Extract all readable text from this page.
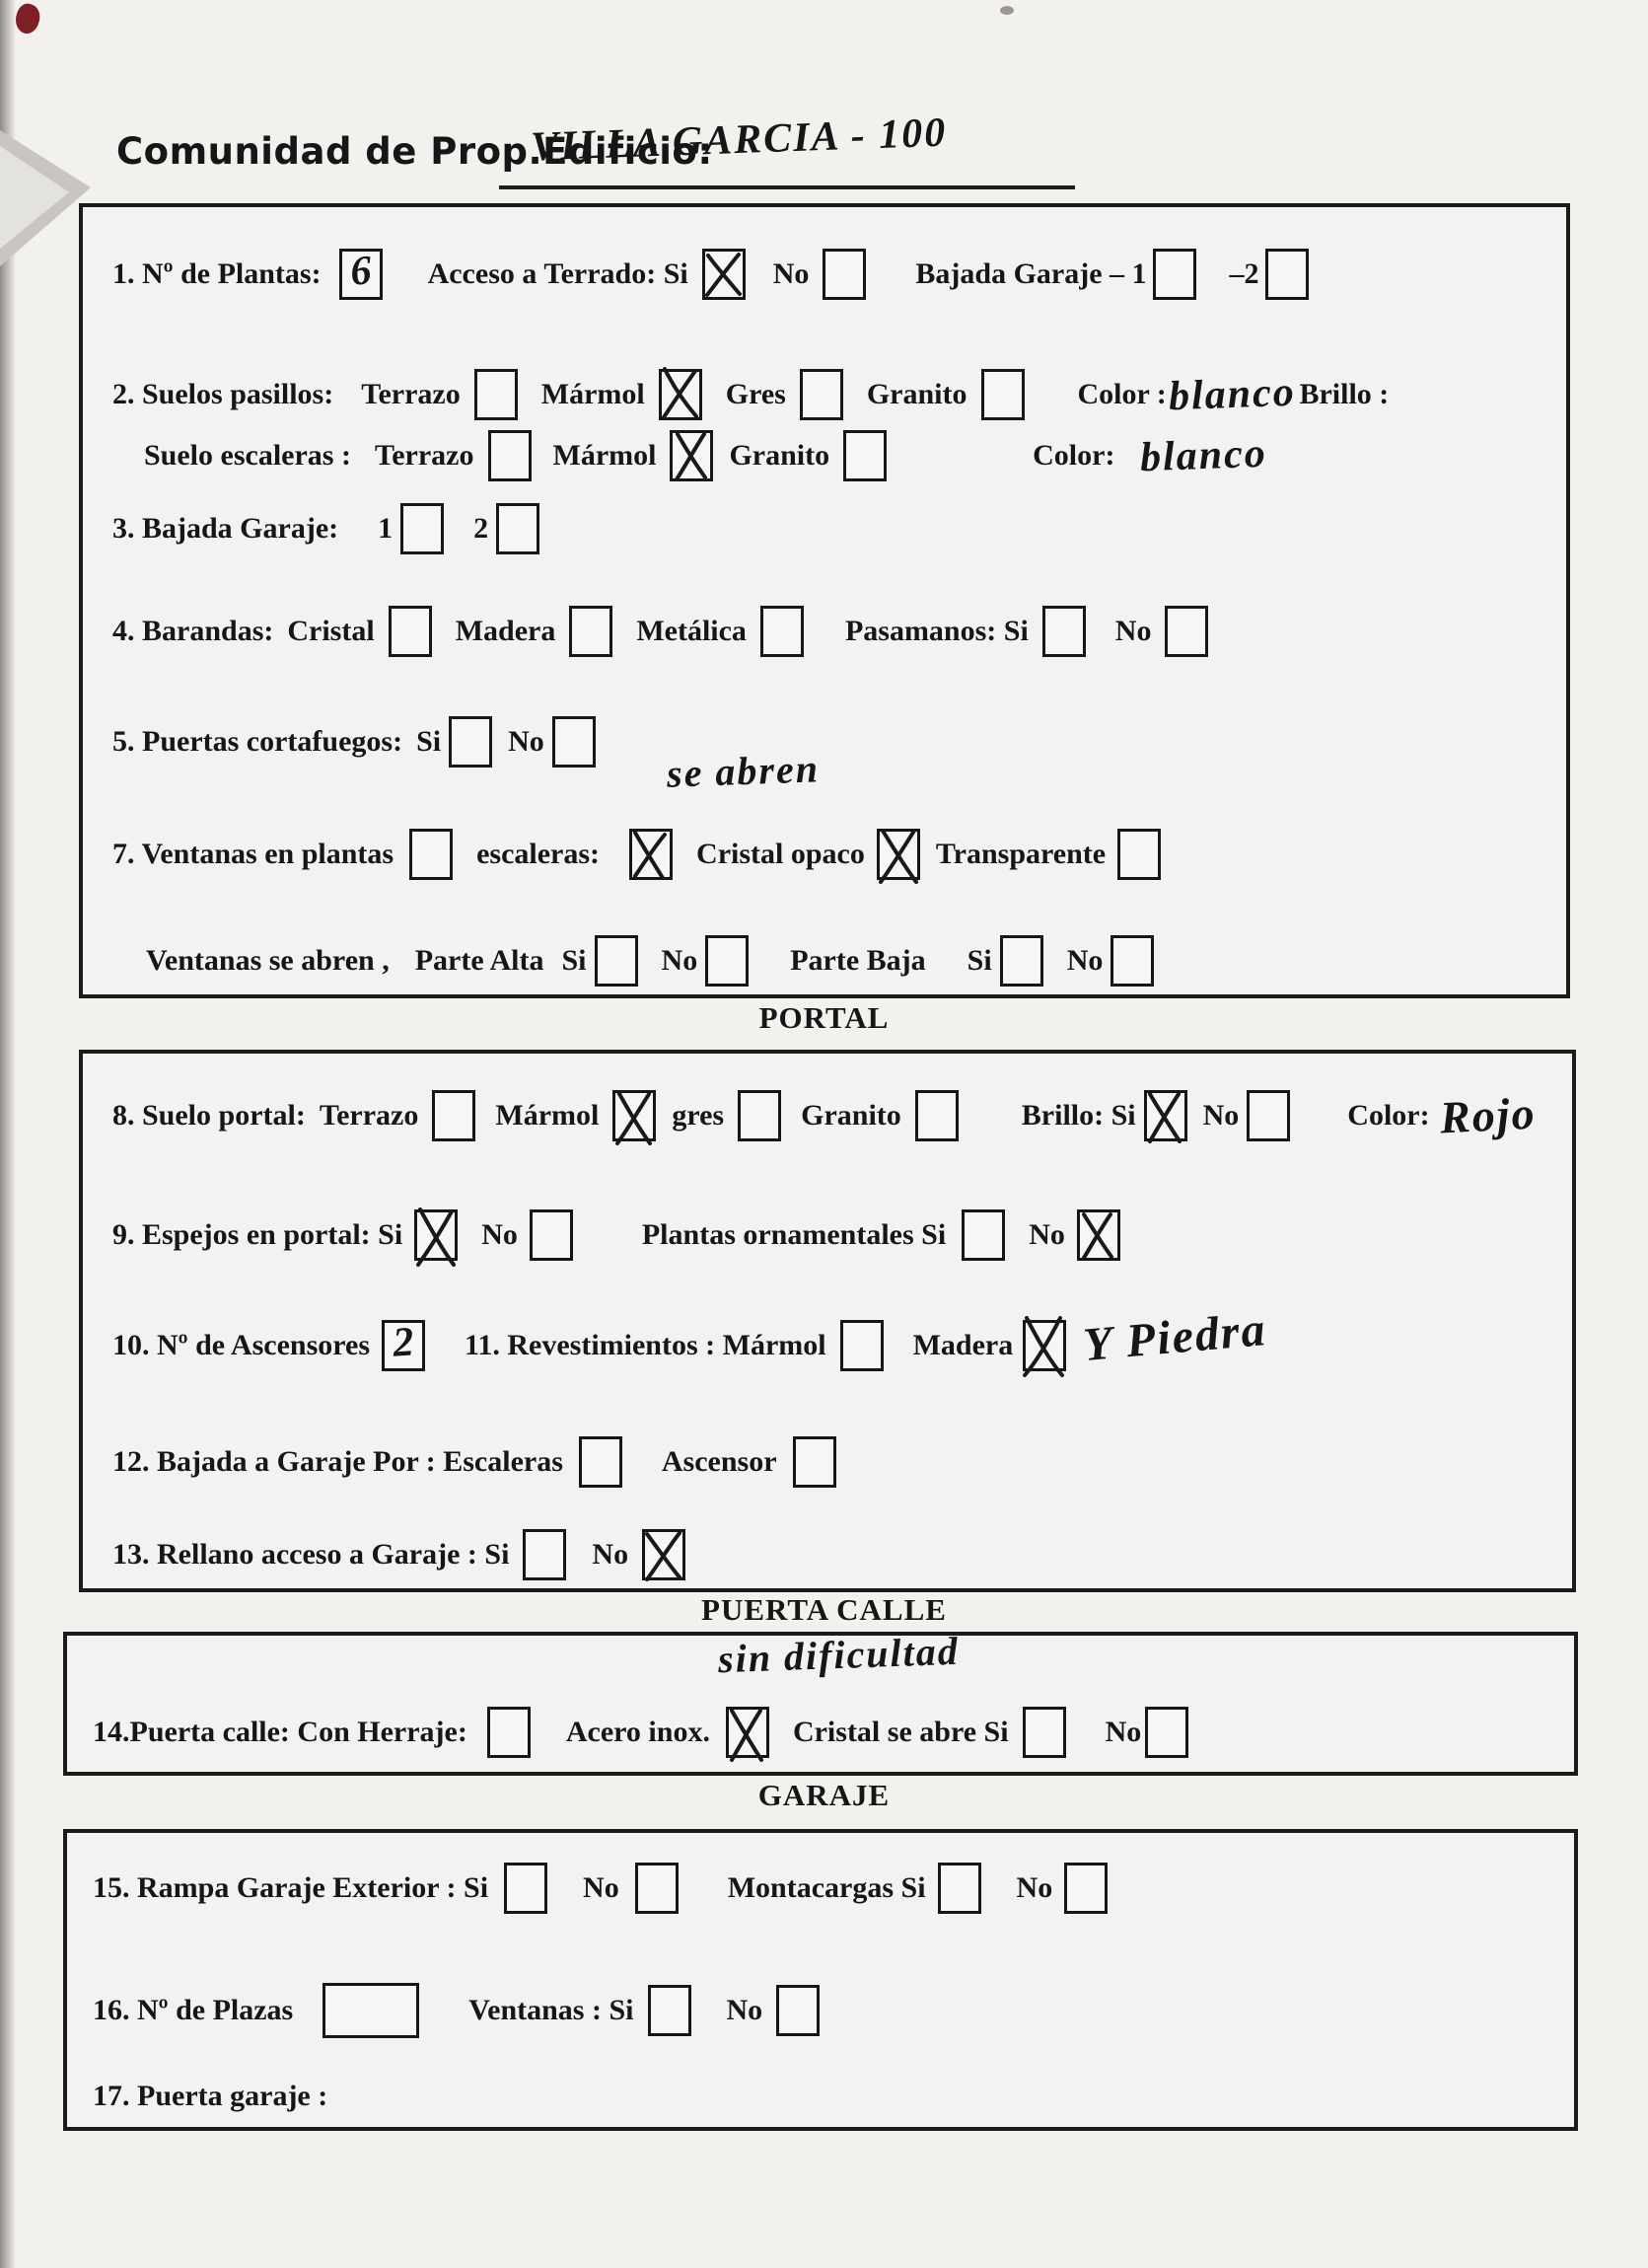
Comunidad de Prop.Edificio:
VILLA GARCIA - 100
1. Nº de Plantas: 6 Acceso a Terrado: Si	No	Bajada Garaje – 1	–2
2. Suelos pasillos: Terrazo	Mármol	Gres	Granito	Color : blanco Brillo :
Suelo escaleras : Terrazo	Mármol Granito	Color: blanco
3. Bajada Garaje: 1	2
4. Barandas: Cristal	Madera	Metálica	Pasamanos: Si	No
5. Puertas cortafuegos: Si No
se abren
7. Ventanas en plantas	escaleras:	Cristal opaco Transparente
Ventanas se abren , Parte Alta Si	No	Parte Baja Si	No
PORTAL
8. Suelo portal: Terrazo	Mármol gres	Granito	Brillo: Si No	Color: Rojo
9. Espejos en portal: Si	No	Plantas ornamentales Si	No
10. Nº de Ascensores 2 11. Revestimientos : Mármol	Madera Y Piedra
12. Bajada a Garaje Por : Escaleras	Ascensor
13. Rellano acceso a Garaje : Si	No
PUERTA CALLE
sin dificultad
14.Puerta calle: Con Herraje:	Acero inox.	Cristal se abre Si	No
GARAJE
15. Rampa Garaje Exterior : Si	No	Montacargas Si	No
16. Nº de Plazas	Ventanas : Si	No
17. Puerta garaje :
